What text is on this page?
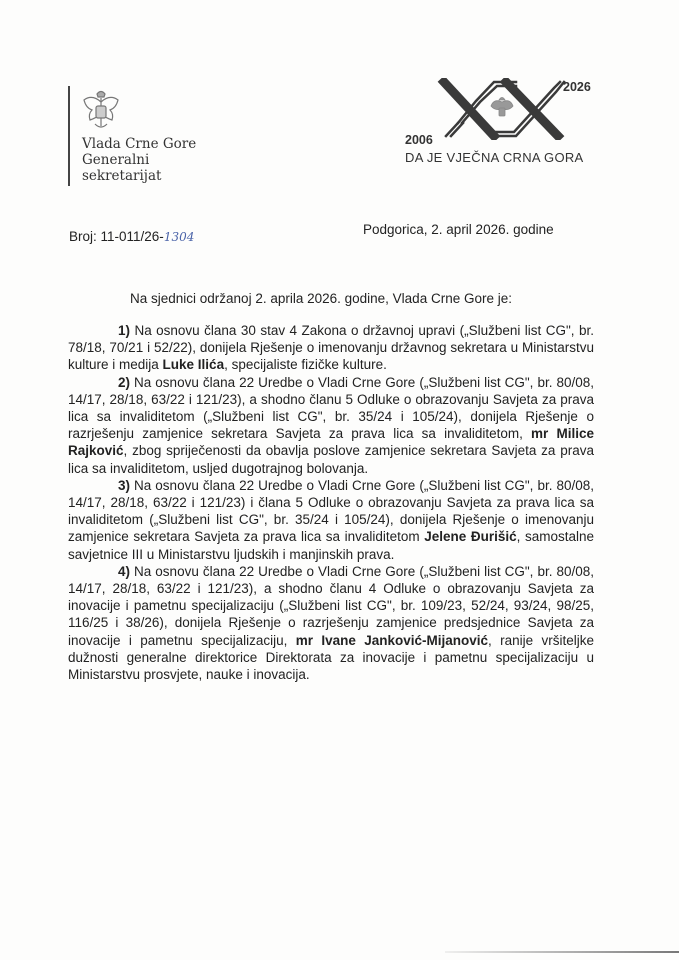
Vlada Crne Gore
Generalni
sekretarijat
2026
2006
DA JE VJEČNA CRNA GORA
Broj: 11-011/26-1304	Podgorica, 2. april 2026. godine
Na sjednici održanoj 2. aprila 2026. godine, Vlada Crne Gore je:

1) Na osnovu člana 30 stav 4 Zakona o državnoj upravi („Službeni list CG", br. 78/18, 70/21 i 52/22), donijela Rješenje o imenovanju državnog sekretara u Ministarstvu kulture i medija Luke Ilića, specijaliste fizičke kulture.

2) Na osnovu člana 22 Uredbe o Vladi Crne Gore („Službeni list CG", br. 80/08, 14/17, 28/18, 63/22 i 121/23), a shodno članu 5 Odluke o obrazovanju Savjeta za prava lica sa invaliditetom („Službeni list CG", br. 35/24 i 105/24), donijela Rješenje o razrješenju zamjenice sekretara Savjeta za prava lica sa invaliditetom, mr Milice Rajković, zbog spriječenosti da obavlja poslove zamjenice sekretara Savjeta za prava lica sa invaliditetom, usljed dugotrajnog bolovanja.

3) Na osnovu člana 22 Uredbe o Vladi Crne Gore („Službeni list CG", br. 80/08, 14/17, 28/18, 63/22 i 121/23) i člana 5 Odluke o obrazovanju Savjeta za prava lica sa invaliditetom („Službeni list CG", br. 35/24 i 105/24), donijela Rješenje o imenovanju zamjenice sekretara Savjeta za prava lica sa invaliditetom Jelene Đurišić, samostalne savjetnice III u Ministarstvu ljudskih i manjinskih prava.

4) Na osnovu člana 22 Uredbe o Vladi Crne Gore („Službeni list CG", br. 80/08, 14/17, 28/18, 63/22 i 121/23), a shodno članu 4 Odluke o obrazovanju Savjeta za inovacije i pametnu specijalizaciju („Službeni list CG", br. 109/23, 52/24, 93/24, 98/25, 116/25 i 38/26), donijela Rješenje o razrješenju zamjenice predsjednice Savjeta za inovacije i pametnu specijalizaciju, mr Ivane Janković-Mijanović, ranije vršiteljke dužnosti generalne direktorice Direktorata za inovacije i pametnu specijalizaciju u Ministarstvu prosvjete, nauke i inovacija.
